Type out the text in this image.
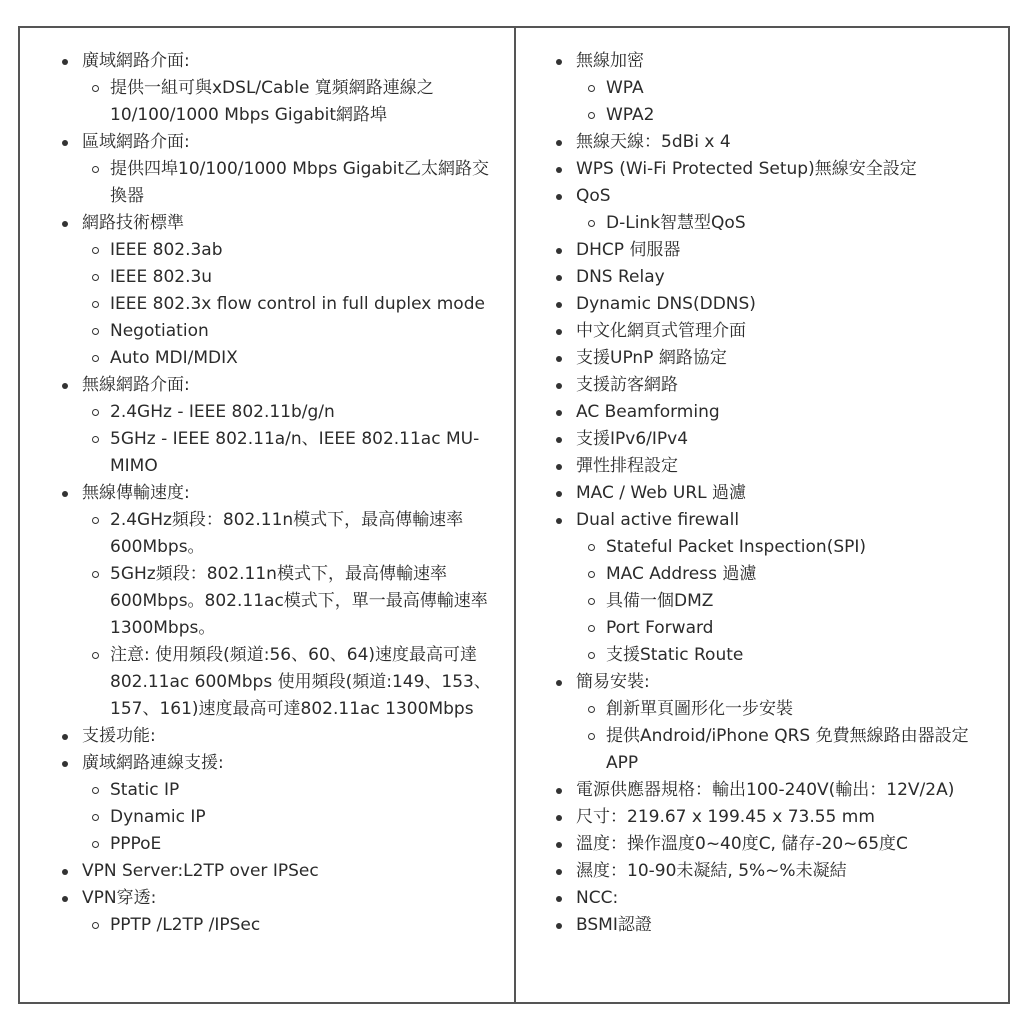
廣域網路介面:
提供一組可與xDSL/Cable 寬頻網路連線之10/100/1000 Mbps Gigabit網路埠
區域網路介面:
提供四埠10/100/1000 Mbps Gigabit乙太網路交換器
網路技術標準
IEEE 802.3ab
IEEE 802.3u
IEEE 802.3x flow control in full duplex mode
Negotiation
Auto MDI/MDIX
無線網路介面:
2.4GHz - IEEE 802.11b/g/n
5GHz - IEEE 802.11a/n、IEEE 802.11ac MU-MIMO
無線傳輸速度:
2.4GHz頻段：802.11n模式下，最高傳輸速率600Mbps。
5GHz頻段：802.11n模式下，最高傳輸速率600Mbps。802.11ac模式下，單一最高傳輸速率1300Mbps。
注意: 使用頻段(頻道:56、60、64)速度最高可達802.11ac 600Mbps 使用頻段(頻道:149、153、157、161)速度最高可達802.11ac 1300Mbps
支援功能:
廣域網路連線支援:
Static IP
Dynamic IP
PPPoE
VPN Server:L2TP over IPSec
VPN穿透:
PPTP /L2TP /IPSec
無線加密
WPA
WPA2
無線天線：5dBi x 4
WPS (Wi-Fi Protected Setup)無線安全設定
QoS
D-Link智慧型QoS
DHCP 伺服器
DNS Relay
Dynamic DNS(DDNS)
中文化網頁式管理介面
支援UPnP 網路協定
支援訪客網路
AC Beamforming
支援IPv6/IPv4
彈性排程設定
MAC / Web URL 過濾
Dual active firewall
Stateful Packet Inspection(SPI)
MAC Address 過濾
具備一個DMZ
Port Forward
支援Static Route
簡易安裝:
創新單頁圖形化一步安裝
提供Android/iPhone QRS 免費無線路由器設定APP
電源供應器規格：輸出100-240V(輸出：12V/2A)
尺寸：219.67 x 199.45 x 73.55 mm
溫度：操作溫度0~40度C, 儲存-20~65度C
濕度：10-90未凝結, 5%~%未凝結
NCC:
BSMI認證
